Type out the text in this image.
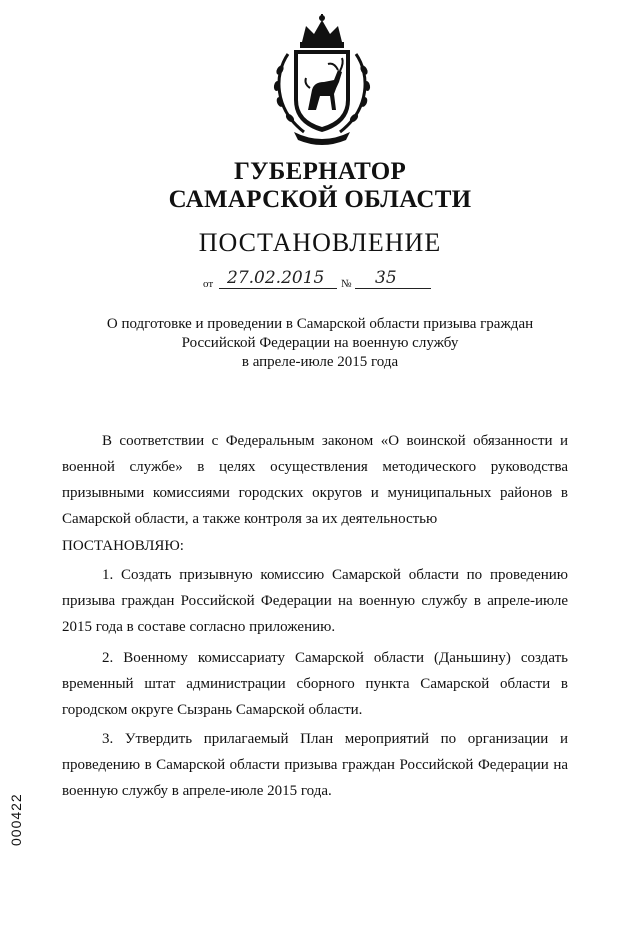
ГУБЕРНАТОР
САМАРСКОЙ ОБЛАСТИ
ПОСТАНОВЛЕНИЕ
от 27.02.2015 № 35
О подготовке и проведении в Самарской области призыва граждан
Российской Федерации на военную службу
в апреле-июле 2015 года
В соответствии с Федеральным законом «О воинской обязанности и военной службе» в целях осуществления методического руководства призывными комиссиями городских округов и муниципальных районов в Самарской области, а также контроля за их деятельностью
ПОСТАНОВЛЯЮ:
1. Создать призывную комиссию Самарской области по проведению призыва граждан Российской Федерации на военную службу в апреле-июле 2015 года в составе согласно приложению.
2. Военному комиссариату Самарской области (Даньшину) создать временный штат администрации сборного пункта Самарской области в городском округе Сызрань Самарской области.
3. Утвердить прилагаемый План мероприятий по организации и проведению в Самарской области призыва граждан Российской Федерации на военную службу в апреле-июле 2015 года.
000422
